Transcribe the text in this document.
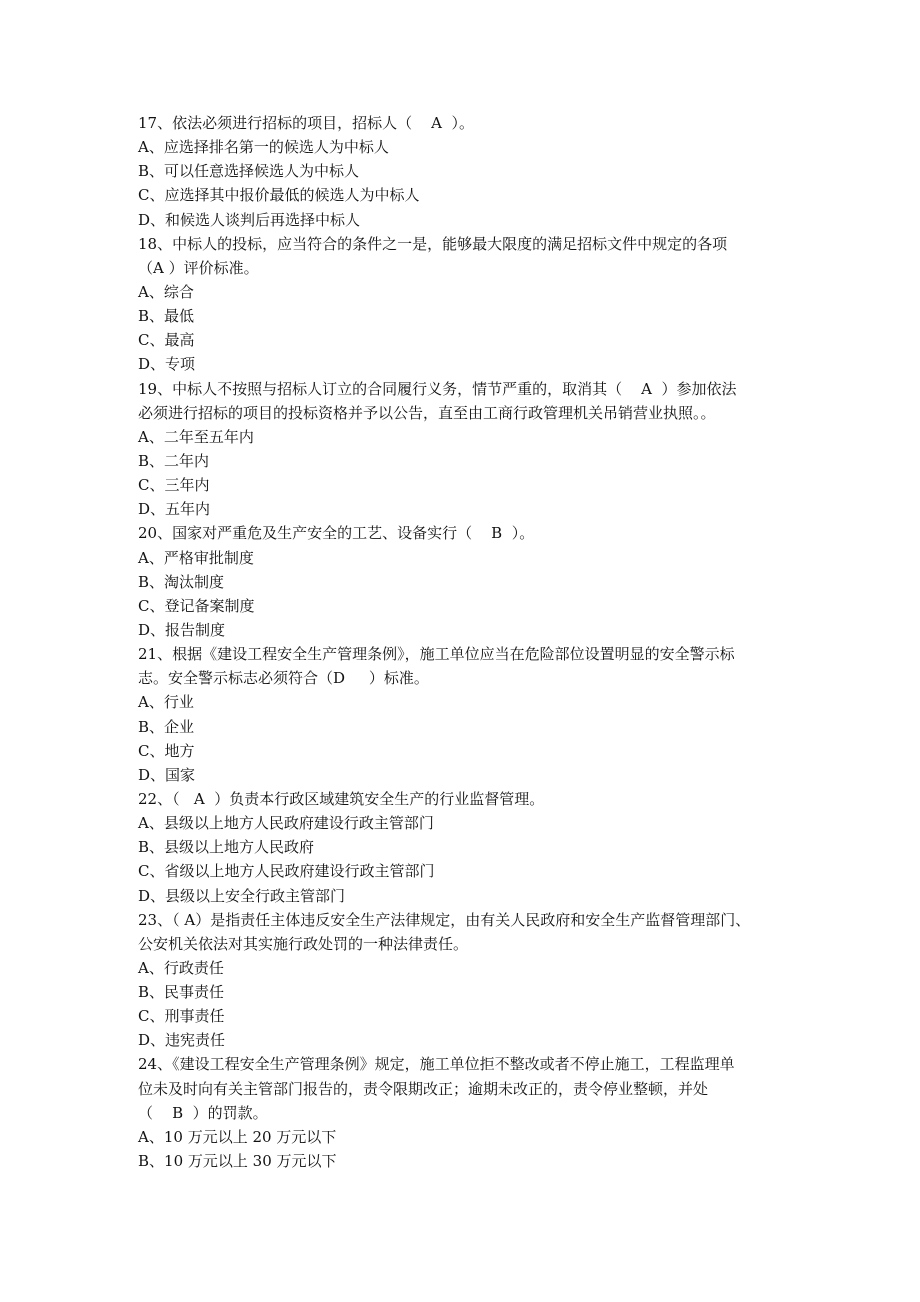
17、依法必须进行招标的项目，招标人（    A  ）。
A、应选择排名第一的候选人为中标人
B、可以任意选择候选人为中标人
C、应选择其中报价最低的候选人为中标人
D、和候选人谈判后再选择中标人
18、中标人的投标，应当符合的条件之一是，能够最大限度的满足招标文件中规定的各项
（A ）评价标准。
A、综合
B、最低
C、最高
D、专项
19、中标人不按照与招标人订立的合同履行义务，情节严重的，取消其（    A  ）参加依法
必须进行招标的项目的投标资格并予以公告，直至由工商行政管理机关吊销营业执照。。
A、二年至五年内
B、二年内
C、三年内
D、五年内
20、国家对严重危及生产安全的工艺、设备实行（    B  ）。
A、严格审批制度
B、淘汰制度
C、登记备案制度
D、报告制度
21、根据《建设工程安全生产管理条例》，施工单位应当在危险部位设置明显的安全警示标
志。安全警示标志必须符合（D     ）标准。
A、行业
B、企业
C、地方
D、国家
22、（   A  ）负责本行政区域建筑安全生产的行业监督管理。
A、县级以上地方人民政府建设行政主管部门
B、县级以上地方人民政府
C、省级以上地方人民政府建设行政主管部门
D、县级以上安全行政主管部门
23、（ A）是指责任主体违反安全生产法律规定，由有关人民政府和安全生产监督管理部门、
公安机关依法对其实施行政处罚的一种法律责任。
A、行政责任
B、民事责任
C、刑事责任
D、违宪责任
24、《建设工程安全生产管理条例》规定，施工单位拒不整改或者不停止施工，工程监理单
位未及时向有关主管部门报告的，责令限期改正；逾期未改正的，责令停业整顿，并处
（    B  ）的罚款。
A、10 万元以上 20 万元以下
B、10 万元以上 30 万元以下
